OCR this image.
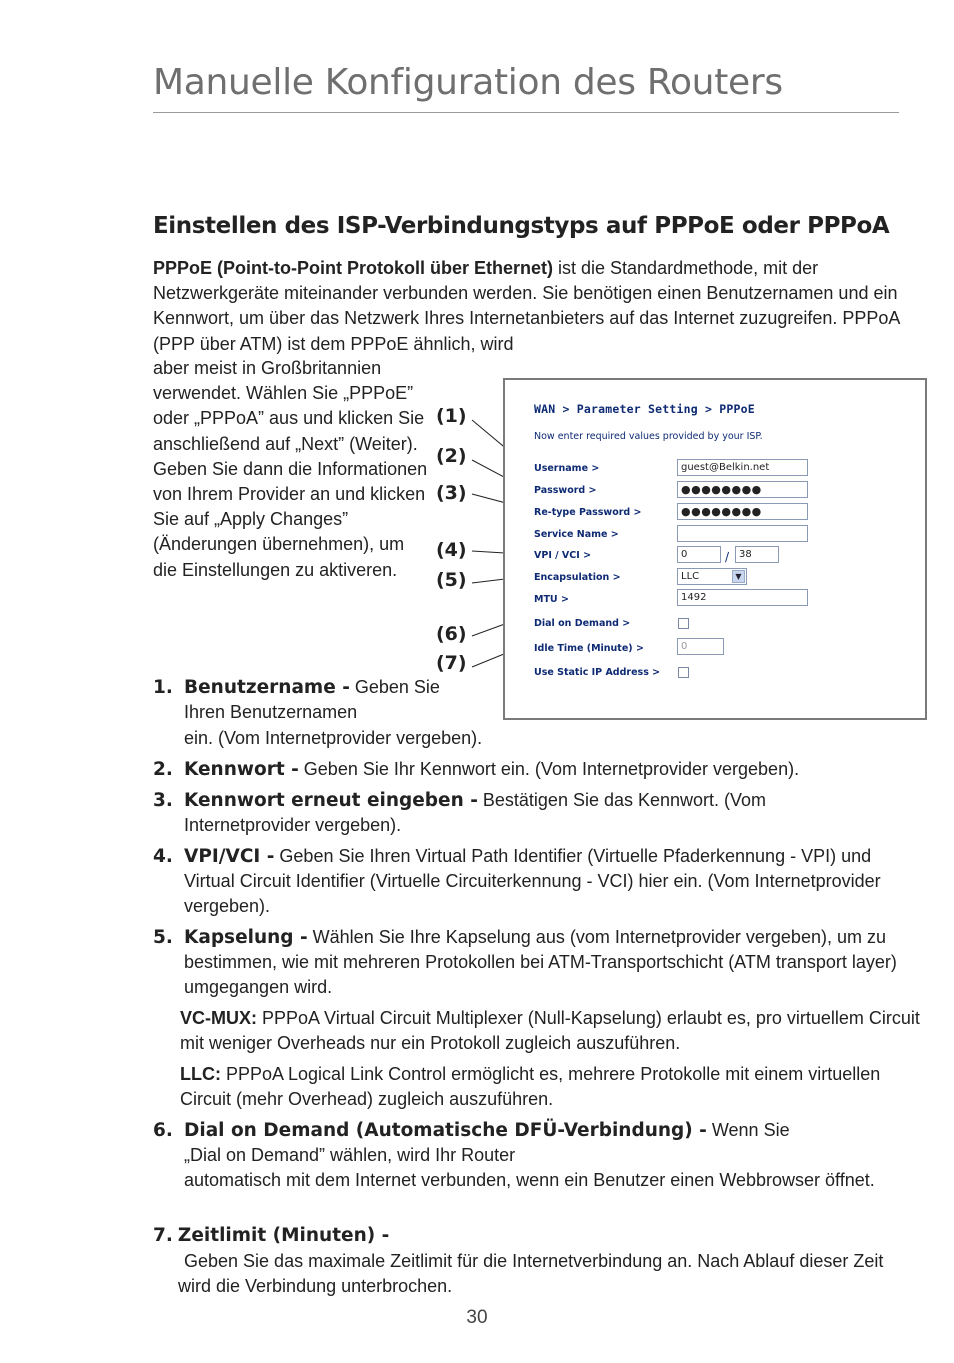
Manuelle Konfiguration des Routers
Einstellen des ISP-Verbindungstyps auf PPPoE oder PPPoA
PPPoE (Point-to-Point Protokoll über Ethernet) ist die Standardmethode, mit der Netzwerkgeräte miteinander verbunden werden. Sie benötigen einen Benutzernamen und ein Kennwort, um über das Netzwerk Ihres Internetanbieters auf das Internet zuzugreifen. PPPoA (PPP über ATM) ist dem PPPoE ähnlich, wird
aber meist in Großbritannien verwendet. Wählen Sie „PPPoE” oder „PPPoA” aus und klicken Sie anschließend auf „Next” (Weiter). Geben Sie dann die Informationen von Ihrem Provider an und klicken Sie auf „Apply Changes” (Änderungen übernehmen), um die Einstellungen zu aktiveren.
(1)
(2)
(3)
(4)
(5)
(6)
(7)
WAN > Parameter Setting > PPPoE
Now enter required values provided by your ISP.
Username >	guest@Belkin.net
Password >	●●●●●●●●
Re-type Password >	●●●●●●●●
Service Name >
VPI / VCI >	0	/ 38
Encapsulation >	LLC	▼
MTU >	1492
Dial on Demand >
Idle Time (Minute) >	0
Use Static IP Address >
1. Benutzername - Geben Sie Ihren Benutzernamen
ein. (Vom Internetprovider vergeben).
2. Kennwort - Geben Sie Ihr Kennwort ein. (Vom Internetprovider vergeben).
3. Kennwort erneut eingeben - Bestätigen Sie das Kennwort. (Vom Internetprovider vergeben).
4. VPI/VCI - Geben Sie Ihren Virtual Path Identifier (Virtuelle Pfaderkennung - VPI) und Virtual Circuit Identifier (Virtuelle Circuiterkennung - VCI) hier ein. (Vom Internetprovider vergeben).
5. Kapselung - Wählen Sie Ihre Kapselung aus (vom Internetprovider vergeben), um zu bestimmen, wie mit mehreren Protokollen bei ATM-Transportschicht (ATM transport layer) umgegangen wird.
VC-MUX: PPPoA Virtual Circuit Multiplexer (Null-Kapselung) erlaubt es, pro virtuellem Circuit mit weniger Overheads nur ein Protokoll zugleich auszuführen.
LLC: PPPoA Logical Link Control ermöglicht es, mehrere Protokolle mit einem virtuellen Circuit (mehr Overhead) zugleich auszuführen.
6. Dial on Demand (Automatische DFÜ-Verbindung) - Wenn Sie „Dial on Demand” wählen, wird Ihr Router
automatisch mit dem Internet verbunden, wenn ein Benutzer einen Webbrowser öffnet.
7. Zeitlimit (Minuten) -
Geben Sie das maximale Zeitlimit für die Internetverbindung an. Nach Ablauf dieser Zeit wird die Verbindung unterbrochen.
30
